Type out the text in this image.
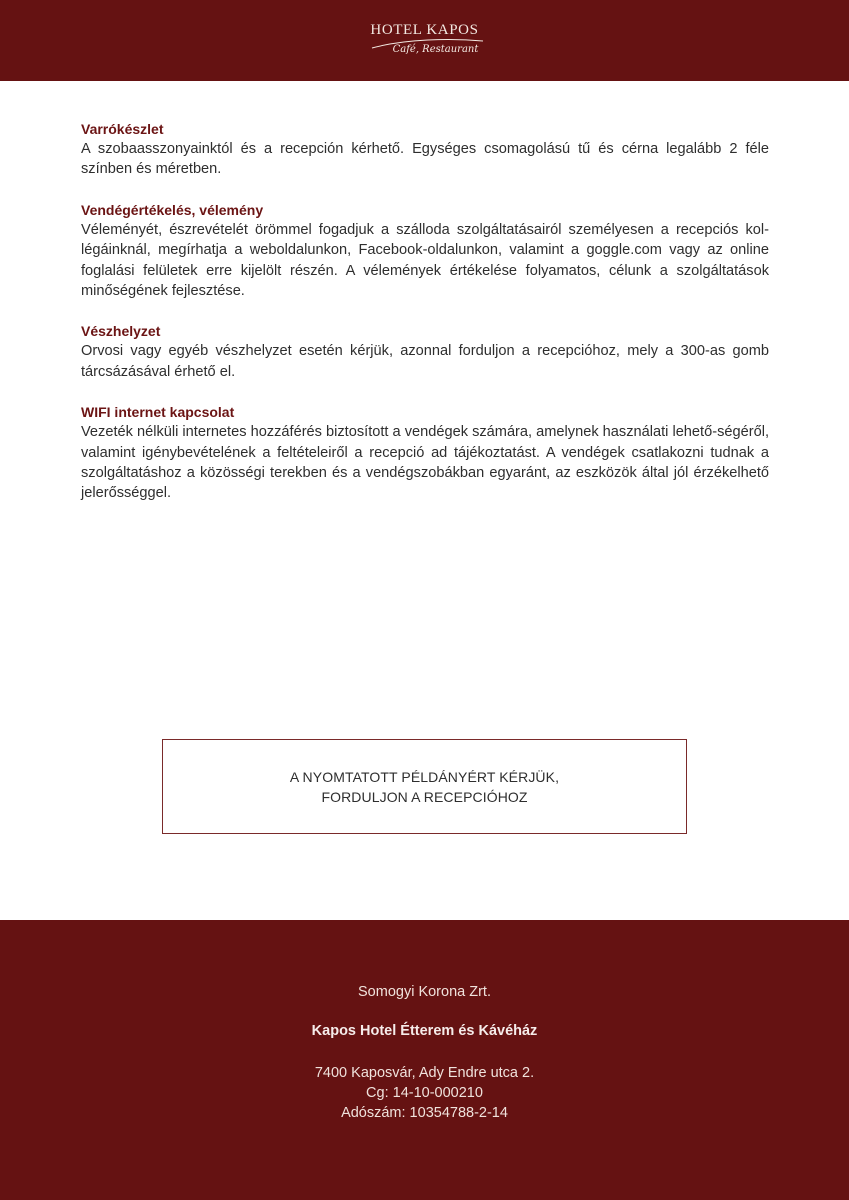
HOTEL KAPOS
Café, Restaurant
Varrókészlet

A szobaasszonyainktól és a recepción kérhető. Egységes csomagolású tű és cérna legalább 2 féle színben és méretben.

Vendégértékelés, vélemény

Véleményét, észrevételét örömmel fogadjuk a szálloda szolgáltatásairól személyesen a recepciós kol-légáinknál, megírhatja a weboldalunkon, Facebook-oldalunkon, valamint a goggle.com vagy az online foglalási felületek erre kijelölt részén. A vélemények értékelése folyamatos, célunk a szolgáltatások minőségének fejlesztése.

Vészhelyzet

Orvosi vagy egyéb vészhelyzet esetén kérjük, azonnal forduljon a recepcióhoz, mely a 300-as gomb tárcsázásával érhető el.

WIFI internet kapcsolat

Vezeték nélküli internetes hozzáférés biztosított a vendégek számára, amelynek használati lehető-ségéről, valamint igénybevételének a feltételeiről a recepció ad tájékoztatást. A vendégek csatlakozni tudnak a szolgáltatáshoz a közösségi terekben és a vendégszobákban egyaránt, az eszközök által jól érzékelhető jelerősséggel.

A NYOMTATOTT PÉLDÁNYÉRT KÉRJÜK,
FORDULJON A RECEPCIÓHOZ
Somogyi Korona Zrt.
Kapos Hotel Étterem és Kávéház
7400 Kaposvár, Ady Endre utca 2.
Cg: 14-10-000210
Adószám: 10354788-2-14
